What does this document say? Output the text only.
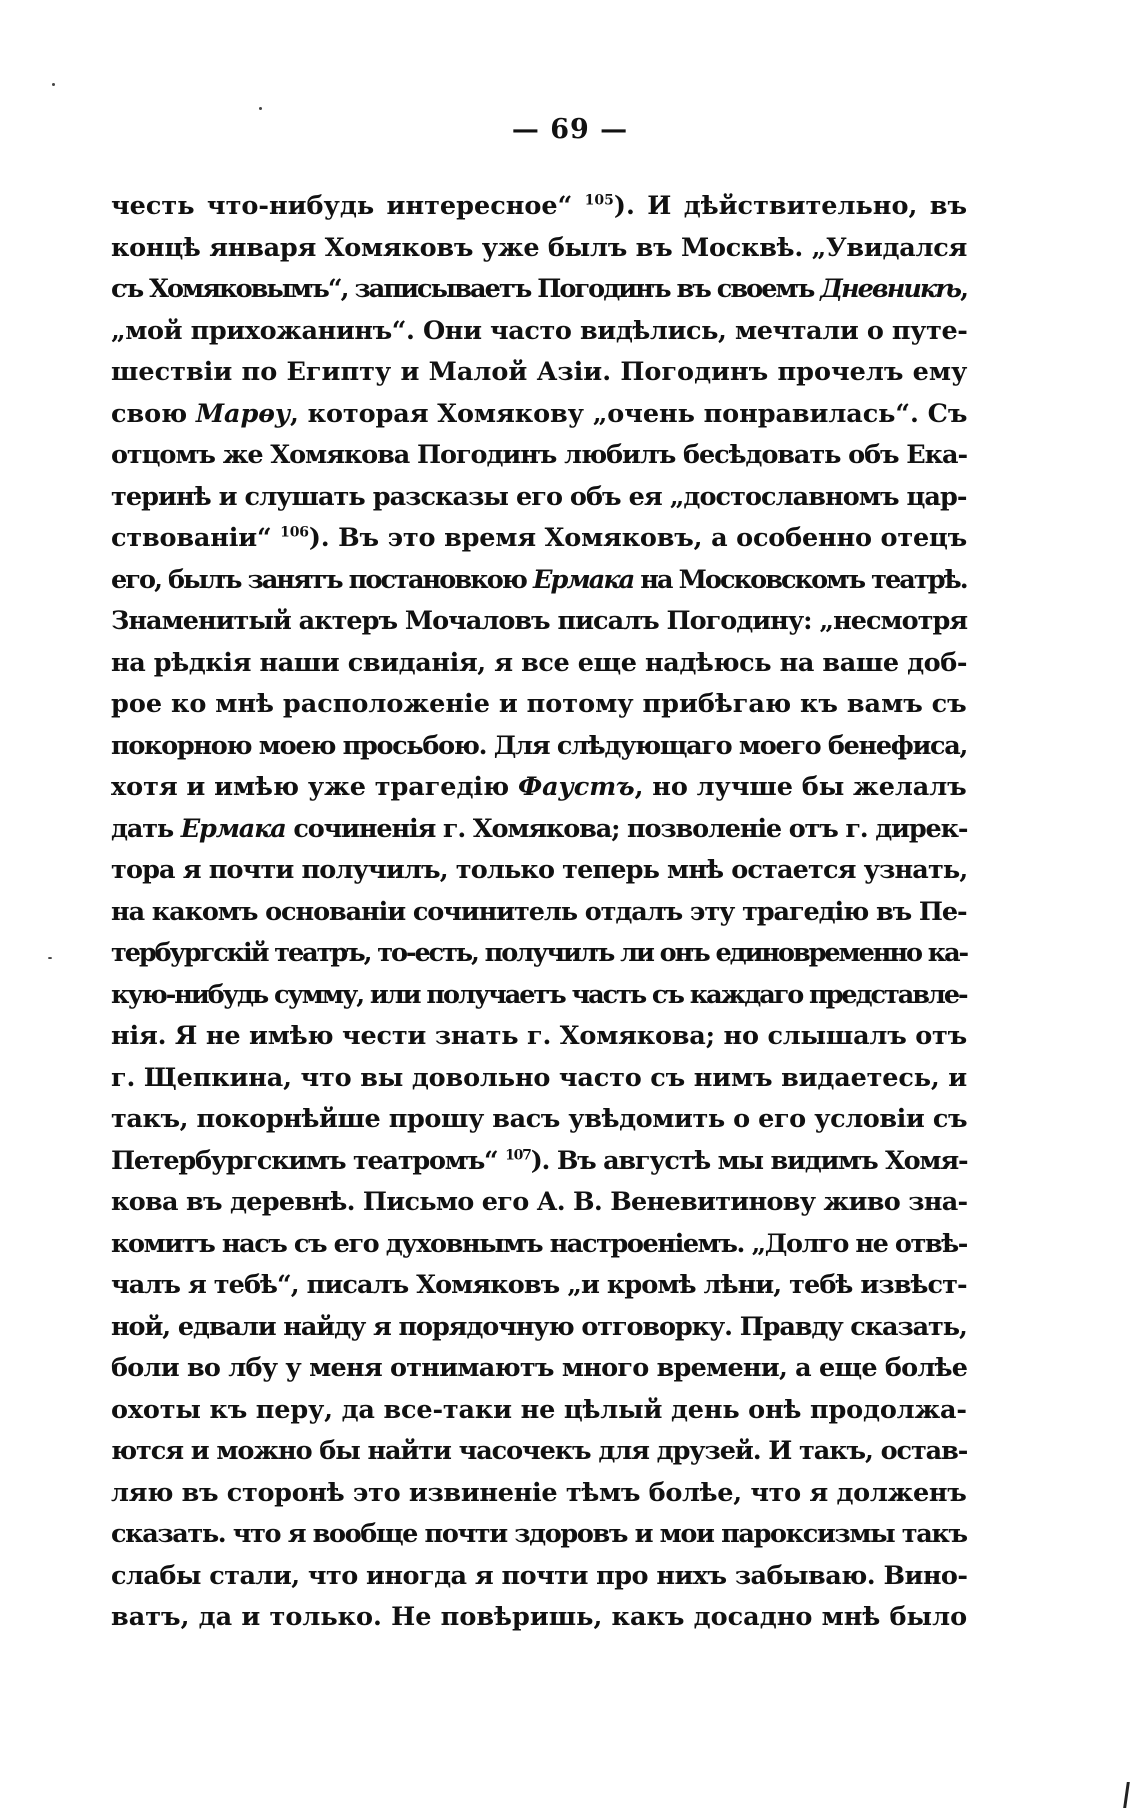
— 69 —
честь что-нибудь интересное“ $^{105}$). И дѣйствительно, въ
концѣ января Хомяковъ уже былъ въ Москвѣ. „Увидался
съ Хомяковымъ“, записываетъ Погодинъ въ своемъ Дневникѣ,
„мой прихожанинъ“. Они часто видѣлись, мечтали о путе-
шествіи по Египту и Малой Азіи. Погодинъ прочелъ ему
свою Марѳу, которая Хомякову „очень понравилась“. Съ
отцомъ же Хомякова Погодинъ любилъ бесѣдовать объ Ека-
теринѣ и слушать разсказы его объ ея „достославномъ цар-
ствованіи“ $^{106}$). Въ это время Хомяковъ, а особенно отецъ
его, былъ занятъ постановкою Ермака на Московскомъ театрѣ.
Знаменитый актеръ Мочаловъ писалъ Погодину: „несмотря
на рѣдкія наши свиданія, я все еще надѣюсь на ваше доб-
рое ко мнѣ расположеніе и потому прибѣгаю къ вамъ съ
покорною моею просьбою. Для слѣдующаго моего бенефиса,
хотя и имѣю уже трагедію Фаустъ, но лучше бы желалъ
дать Ермака сочиненія г. Хомякова; позволеніе отъ г. дирек-
тора я почти получилъ, только теперь мнѣ остается узнать,
на какомъ основаніи сочинитель отдалъ эту трагедію въ Пе-
тербургскій театръ, то-есть, получилъ ли онъ единовременно ка-
кую-нибудь сумму, или получаетъ часть съ каждаго представле-
нія. Я не имѣю чести знать г. Хомякова; но слышалъ отъ
г. Щепкина, что вы довольно часто съ нимъ видаетесь, и
такъ, покорнѣйше прошу васъ увѣдомить о его условіи съ
Петербургскимъ театромъ“ $^{107}$). Въ августѣ мы видимъ Хомя-
кова въ деревнѣ. Письмо его А. В. Веневитинову живо зна-
комитъ насъ съ его духовнымъ настроеніемъ. „Долго не отвѣ-
чалъ я тебѣ“, писалъ Хомяковъ „и кромѣ лѣни, тебѣ извѣст-
ной, едвали найду я порядочную отговорку. Правду сказать,
боли во лбу у меня отнимаютъ много времени, а еще болѣе
охоты къ перу, да все-таки не цѣлый день онѣ продолжа-
ются и можно бы найти часочекъ для друзей. И такъ, остав-
ляю въ сторонѣ это извиненіе тѣмъ болѣе, что я долженъ
сказать. что я вообще почти здоровъ и мои пароксизмы такъ
слабы стали, что иногда я почти про нихъ забываю. Вино-
ватъ, да и только. Не повѣришь, какъ досадно мнѣ было
